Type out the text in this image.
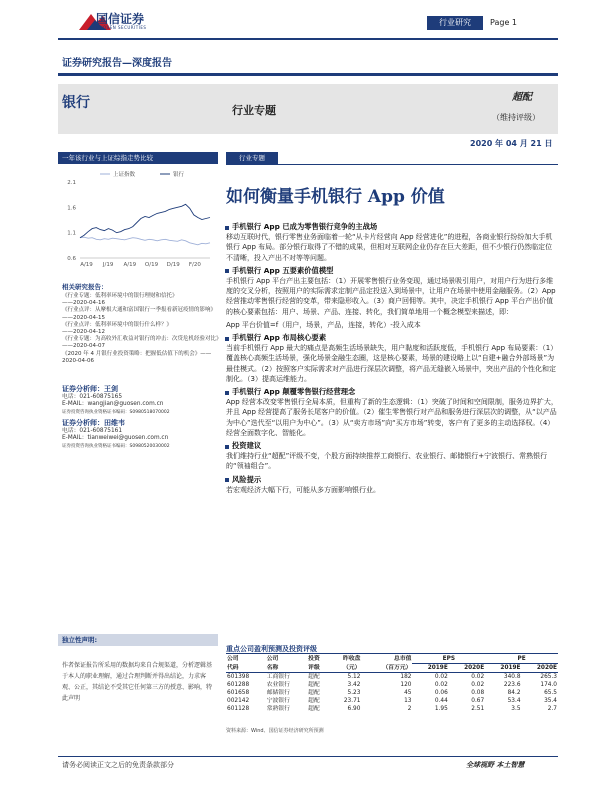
国信证券
GUOSEN SECURITIES
行业研究	Page 1
证券研究报告—深度报告
银行	行业专题
超配
（维持评级）
2020 年 04 月 21 日
一年该行业与上证综指走势比较
2.1
1.6
1.1
0.6
A/19 J/19 A/19 O/19 D/19 F/20
上证指数	银行
相关研究报告：
《行业专题：低利率环境中的银行理财和信托》
——2020-04-16
《行业点评：从摩根大通和富国银行一季报看新冠疫情的影响》——2020-04-15
《行业点评：低利率环境中的银行什么样？》
——2020-04-12
《行业专题：为高收外汇收益对银行的冲击：次贷危机经验对比》——2020-04-07
《2020 年 4 月银行业投资策略：把握低估值下的机会》——2020-04-06
证券分析师：王剑
电话：021-60875165
E-MAIL：wangjian@guosen.com.cn
证券投资咨询执业资格证书编码：S0980518070002
证券分析师：田维韦
电话：021-60875161
E-MAIL：tianweiwei@guosen.com.cn
证券投资咨询执业资格证书编码：S0980520030002
独立性声明:
作者保证报告所采用的数据均来自合规渠道，分析逻辑基于本人的职业理解，通过合理判断并得出结论，力求客观、公正，其结论不受其它任何第三方的授意、影响，特此声明
行业专题
如何衡量手机银行 App 价值
手机银行 App 已成为零售银行竞争的主战场

移动互联时代，银行零售业务面临着一轮“从卡片经营向 App 经营进化”的进程，各商业银行纷纷加大手机银行 App 布局。部分银行取得了不错的成果，但相对互联网企业仍存在巨大差距，但不少银行仍然临定位不清晰，投入产出不对等等问题。

手机银行 App 五要素价值模型

手机银行 App 平台产出主要包括：（1）开展零售银行业务变现，通过场景吸引用户，对用户行为进行多维度的交叉分析，按照用户的实际需求定制产品定投送入到场景中，让用户在场景中使用金融服务。（2）App 经营推动零售银行经营的变革，带来隐形收入。（3）商户回佣等。其中，决定手机银行 App 平台产出价值的核心要素包括：用户、场景、产品、连接、转化，我们简单地用一个概念模型来描述，即：

App 平台价值=f（用户，场景，产品，连接，转化）-投入成本

手机银行 App 布局核心要素

当前手机银行 App 最大的痛点是高频生活场景缺失，用户黏度和活跃度低，手机银行 App 布局要素：（1）覆盖核心高频生活场景，强化场景金融生态圈，这是核心要素，场景的建设略上以“自建+融合外部场景”为最佳模式。（2）按照客户实际需求对产品进行深层次调整，将产品无缝嵌入场景中，突出产品的个性化和定制化。（3）提高运维能力。

手机银行 App 颠覆零售银行经营理念

App 经营本改变零售银行全局本质，但重构了新的生态逻辑：（1）突破了时间和空间限制，服务边界扩大，并且 App 经营提高了服务长尾客户的价值。（2）催生零售银行对产品和服务进行深层次的调整，从“以产品为中心”迭代至“以用户为中心”。（3）从“卖方市场”向“买方市场”转变，客户有了更多的主动选择权。（4）经营全面数字化、智能化。

投资建议

我们维持行业“超配”评级不变，个股方面持续推荐工商银行、农业银行、邮储银行+宁波银行、常熟银行的“领袖组合”。

风险提示

若宏观经济大幅下行，可能从多方面影响银行业。

重点公司盈利预测及投资评级
公司	公司	投资	昨收盘	总市值	EPS		PE	
代码	名称	评级	（元）	（百万元）	2019E	2020E	2019E	2020E
601398	工商银行	超配	5.12	182	0.02	0.02	340.8	265.3
601288	农业银行	超配	3.42	120	0.02	0.02	223.6	174.0
601658	邮储银行	超配	5.23	45	0.06	0.08	84.2	65.5
002142	宁波银行	超配	23.71	13	0.44	0.67	53.4	35.4
601128	常熟银行	超配	6.90	2	1.95	2.51	3.5	2.7
资料来源：Wind、国信证券经济研究所预测
请务必阅读正文之后的免责条款部分	全球视野 本土智慧
